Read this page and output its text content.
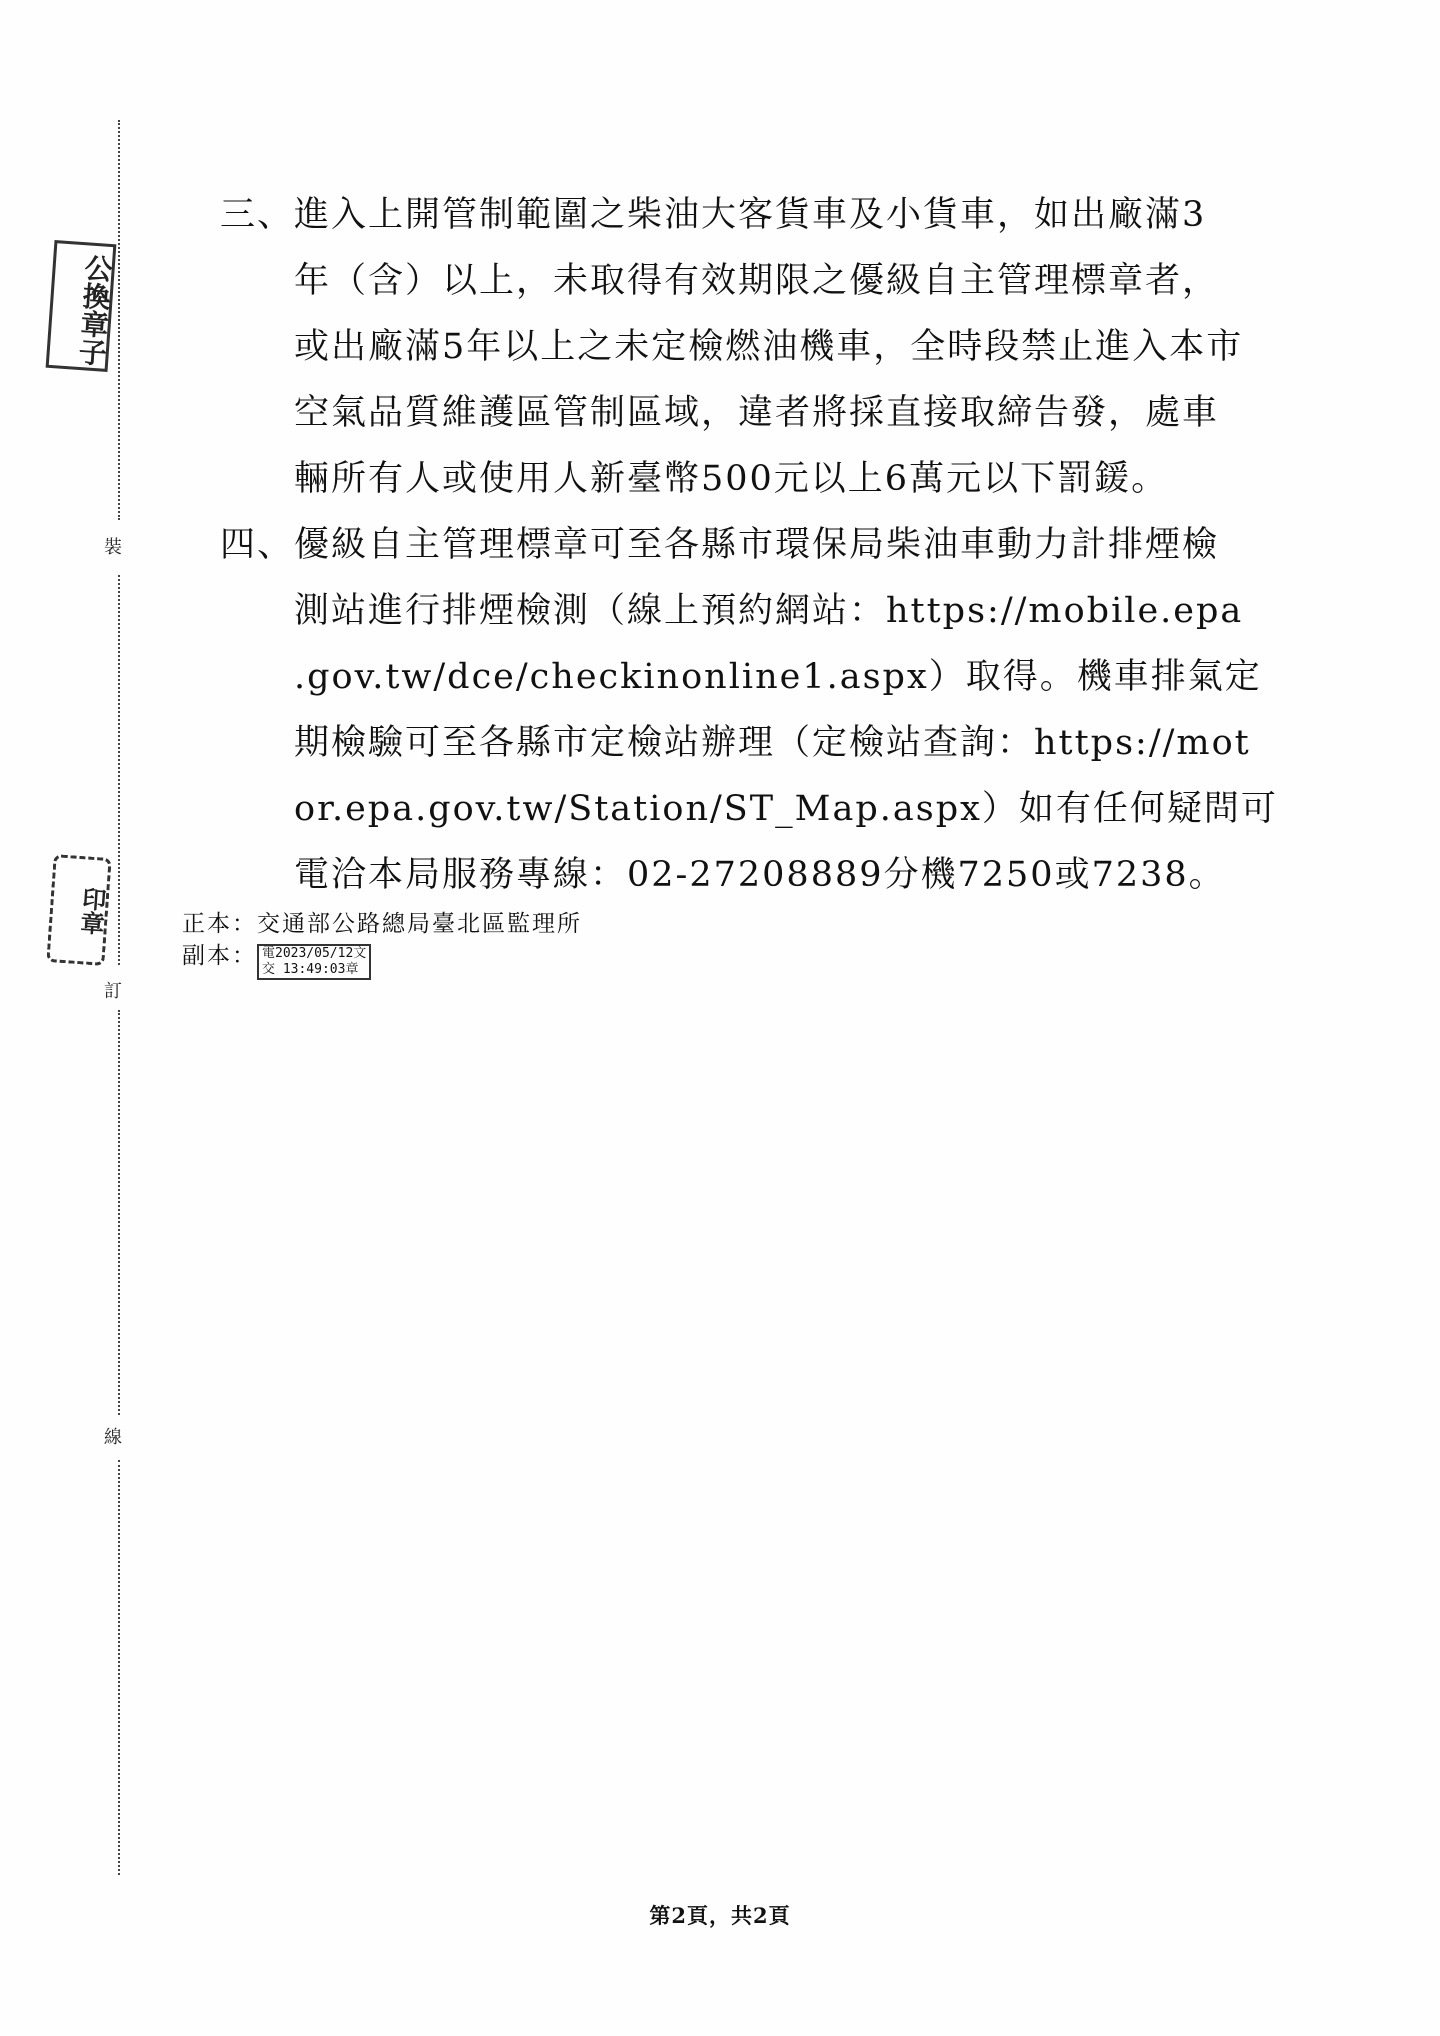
裝
訂
線
公換章子
印章
三、進入上開管制範圍之柴油大客貨車及小貨車，如出廠滿3
年（含）以上，未取得有效期限之優級自主管理標章者，
或出廠滿5年以上之未定檢燃油機車，全時段禁止進入本市
空氣品質維護區管制區域，違者將採直接取締告發，處車
輛所有人或使用人新臺幣500元以上6萬元以下罰鍰。
四、優級自主管理標章可至各縣市環保局柴油車動力計排煙檢
測站進行排煙檢測（線上預約網站：https://mobile.epa
.gov.tw/dce/checkinonline1.aspx）取得。機車排氣定
期檢驗可至各縣市定檢站辦理（定檢站查詢：https://mot
or.epa.gov.tw/Station/ST_Map.aspx）如有任何疑問可
電洽本局服務專線：02-27208889分機7250或7238。
正本：交通部公路總局臺北區監理所
副本： 電2023/05/12文
交 13:49:03章
第2頁，共2頁
